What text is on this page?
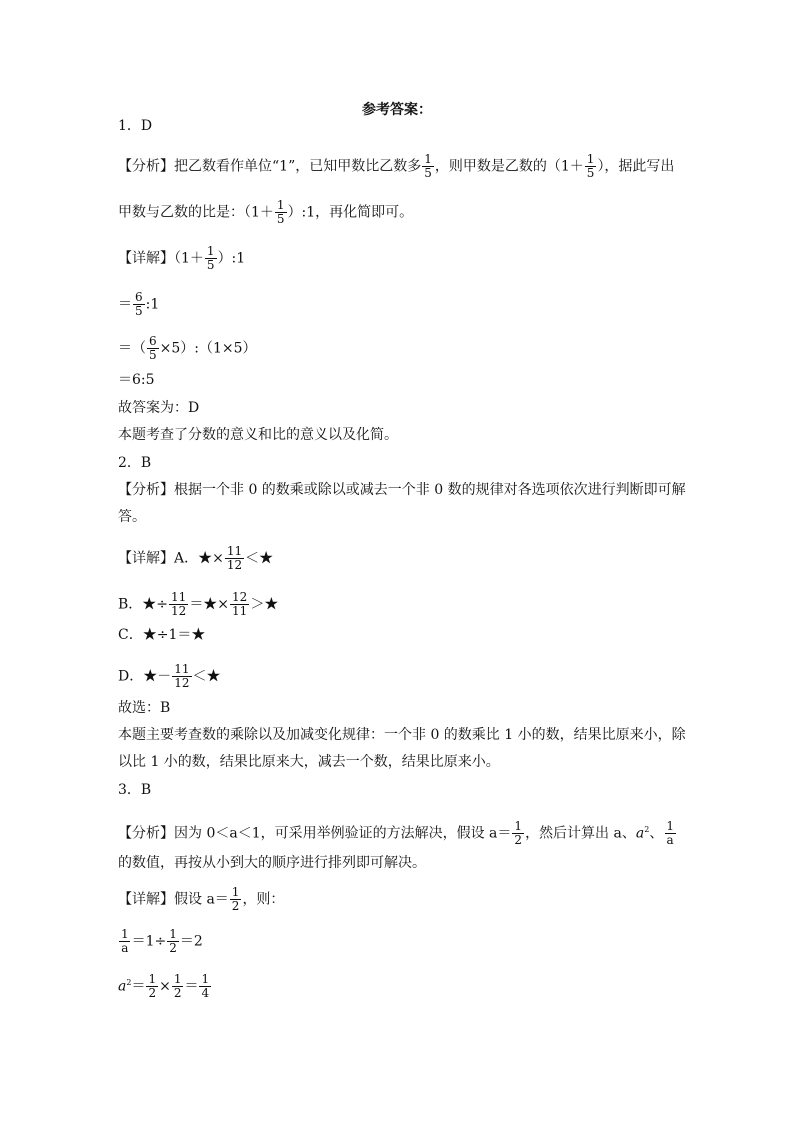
参考答案：
1．D
【分析】把乙数看作单位“1”，已知甲数比乙数多 $\frac{1}{5}$ ，则甲数是乙数的（$1+ \frac{1}{5}$ ），据此写出
甲数与乙数的比是：（$1+ \frac{1}{5}$ ）:1，再化简即可。
【详解】（$1+ \frac{1}{5}$ ）:1
＝ $\frac{6}{5}$ :1
＝（ $\frac{6}{5}$ ×5）:（1×5）
＝6:5
故答案为：D
本题考查了分数的意义和比的意义以及化简。
2．B
【分析】根据一个非 0 的数乘或除以或减去一个非 0 数的规律对各选项依次进行判断即可解
答。
【详解】A．★× $\frac{11}{12}$ ＜★
B．★÷ $\frac{11}{12}$ ＝★× $\frac{12}{11}$ ＞★
C．★÷1＝★
D．★－ $\frac{11}{12}$ ＜★
故选：B
本题主要考查数的乘除以及加减变化规律：一个非 0 的数乘比 1 小的数，结果比原来小，除
以比 1 小的数，结果比原来大，减去一个数，结果比原来小。
3．B
【分析】因为 0＜a＜1，可采用举例验证的方法解决，假设 $a= \frac{1}{2}$ ，然后计算出 a、$a^2$、 $\frac{1}{a}$
的数值，再按从小到大的顺序进行排列即可解决。
【详解】假设 $a= \frac{1}{2}$ ，则：
$\frac{1}{a} =1\div \frac{1}{2} =2$
$a^2= \frac{1}{2} \times \frac{1}{2} = \frac{1}{4}$
